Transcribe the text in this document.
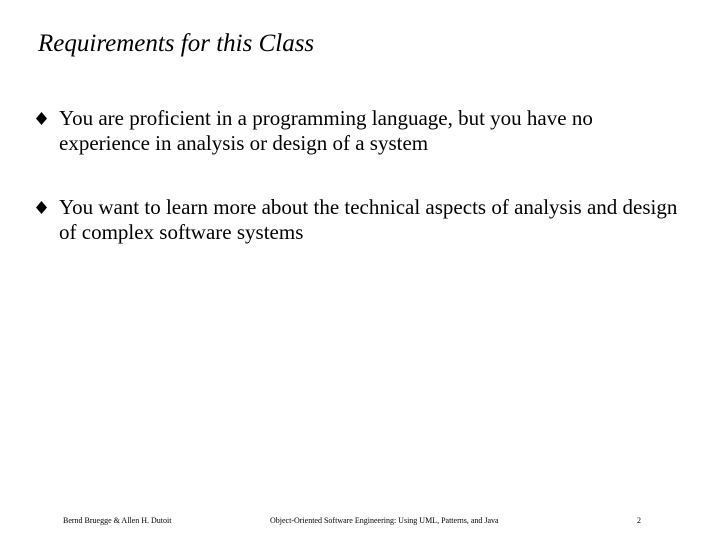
Requirements for this Class
You are proficient in a programming language, but you have no experience in analysis or design of a system
You want to learn more about the technical aspects of analysis and design of complex software systems
Bernd Bruegge & Allen H. Dutoit	Object-Oriented Software Engineering: Using UML, Patterns, and Java	2
